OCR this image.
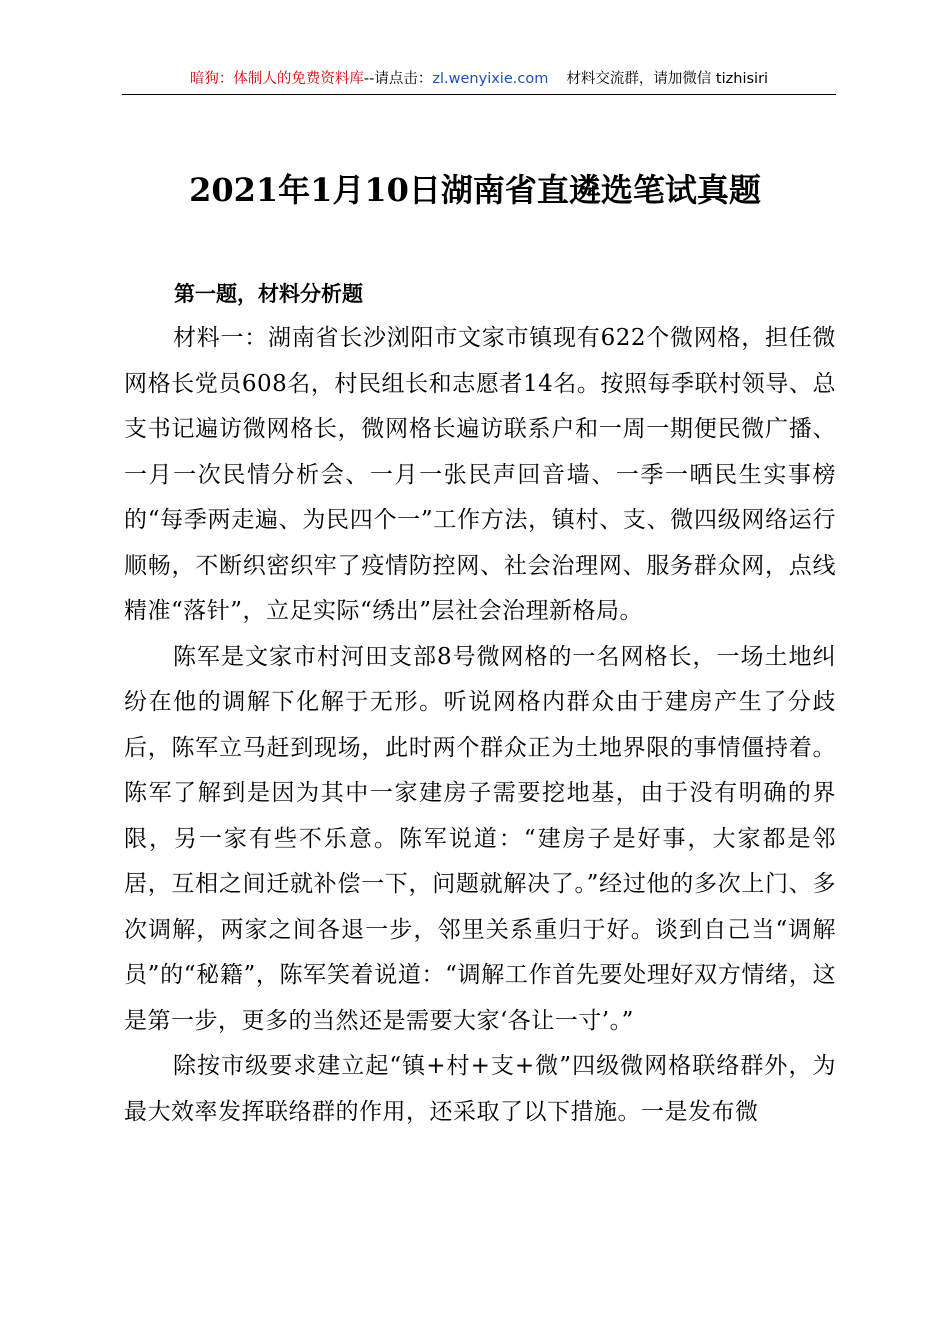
暗狗：体制人的免费资料库--请点击：zl.wenyixie.com 材料交流群，请加微信 tizhisiri
2021年1月10日湖南省直遴选笔试真题

第一题，材料分析题

材料一：湖南省长沙浏阳市文家市镇现有622个微网格，担任微网格长党员608名，村民组长和志愿者14名。按照每季联村领导、总支书记遍访微网格长，微网格长遍访联系户和一周一期便民微广播、一月一次民情分析会、一月一张民声回音墙、一季一晒民生实事榜的“每季两走遍、为民四个一”工作方法，镇村、支、微四级网络运行顺畅，不断织密织牢了疫情防控网、社会治理网、服务群众网，点线精准“落针”，立足实际“绣出”层社会治理新格局。

陈军是文家市村河田支部8号微网格的一名网格长，一场土地纠纷在他的调解下化解于无形。听说网格内群众由于建房产生了分歧后，陈军立马赶到现场，此时两个群众正为土地界限的事情僵持着。陈军了解到是因为其中一家建房子需要挖地基，由于没有明确的界限，另一家有些不乐意。陈军说道：“建房子是好事，大家都是邻居，互相之间迁就补偿一下，问题就解决了。”经过他的多次上门、多次调解，两家之间各退一步，邻里关系重归于好。谈到自己当“调解员”的“秘籍”，陈军笑着说道：“调解工作首先要处理好双方情绪，这是第一步，更多的当然还是需要大家‘各让一寸’。”

除按市级要求建立起“镇+村+支+微”四级微网格联络群外，为最大效率发挥联络群的作用，还采取了以下措施。一是发布微
